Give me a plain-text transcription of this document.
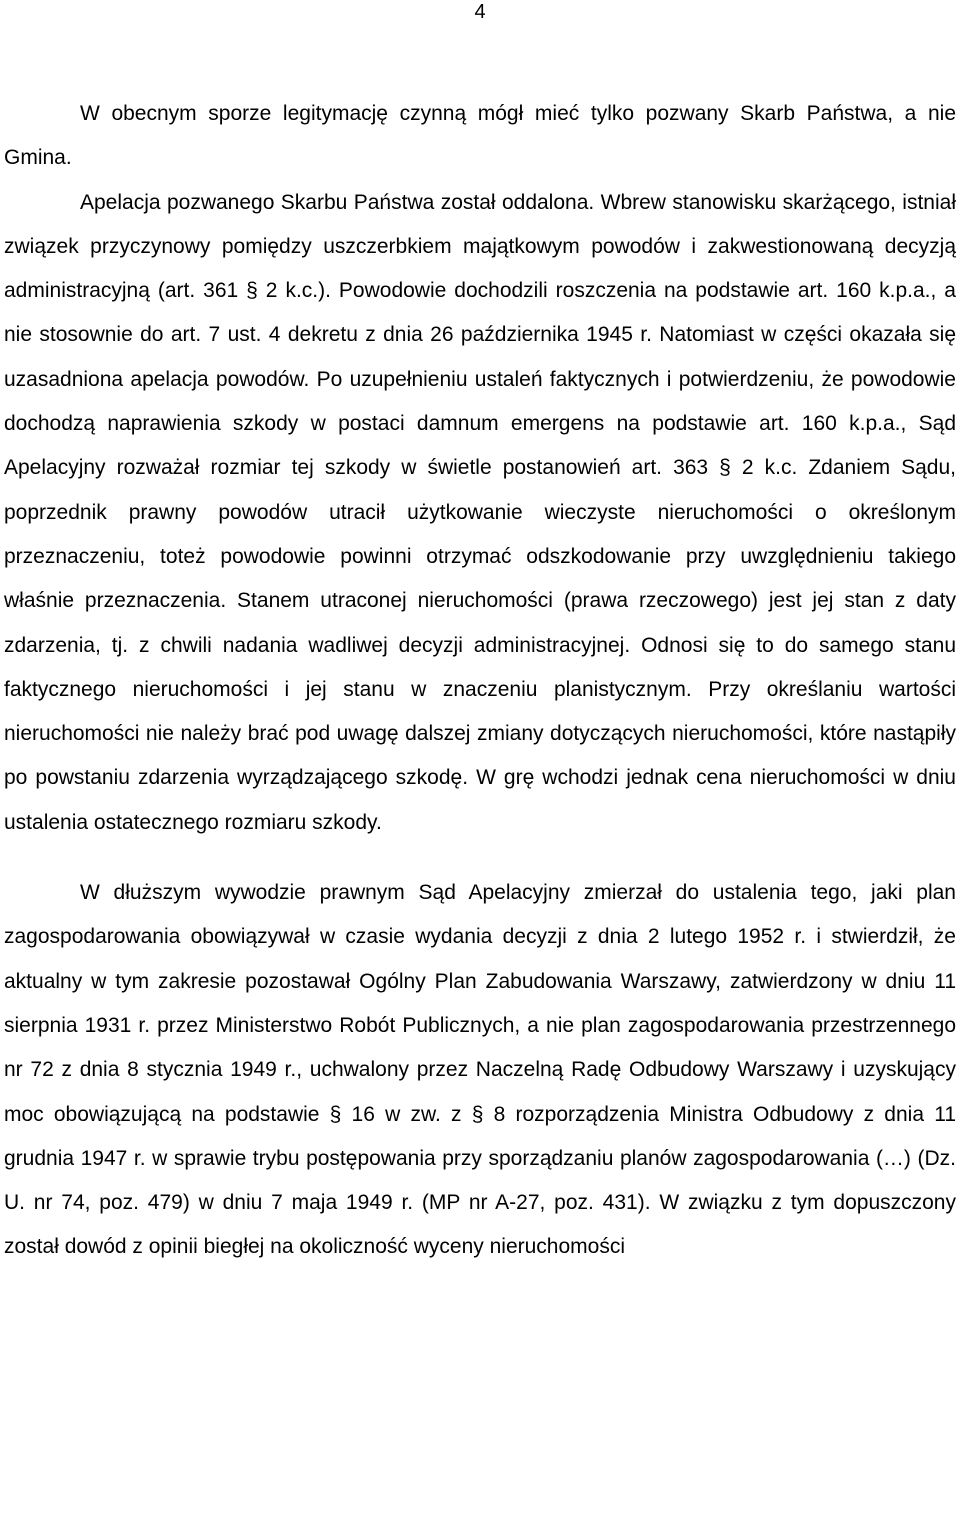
4

W obecnym sporze legitymację czynną mógł mieć tylko pozwany Skarb Państwa, a nie Gmina.

Apelacja pozwanego Skarbu Państwa został oddalona. Wbrew stanowisku skarżącego, istniał związek przyczynowy pomiędzy uszczerbkiem majątkowym powodów i zakwestionowaną decyzją administracyjną (art. 361 § 2 k.c.). Powodowie dochodzili roszczenia na podstawie art. 160 k.p.a., a nie stosownie do art. 7 ust. 4 dekretu z dnia 26 października 1945 r. Natomiast w części okazała się uzasadniona apelacja powodów. Po uzupełnieniu ustaleń faktycznych i potwierdzeniu, że powodowie dochodzą naprawienia szkody w postaci damnum emergens na podstawie art. 160 k.p.a., Sąd Apelacyjny rozważał rozmiar tej szkody w świetle postanowień art. 363 § 2 k.c. Zdaniem Sądu, poprzednik prawny powodów utracił użytkowanie wieczyste nieruchomości o określonym przeznaczeniu, toteż powodowie powinni otrzymać odszkodowanie przy uwzględnieniu takiego właśnie przeznaczenia. Stanem utraconej nieruchomości (prawa rzeczowego) jest jej stan z daty zdarzenia, tj. z chwili nadania wadliwej decyzji administracyjnej. Odnosi się to do samego stanu faktycznego nieruchomości i jej stanu w znaczeniu planistycznym. Przy określaniu wartości nieruchomości nie należy brać pod uwagę dalszej zmiany dotyczących nieruchomości, które nastąpiły po powstaniu zdarzenia wyrządzającego szkodę. W grę wchodzi jednak cena nieruchomości w dniu ustalenia ostatecznego rozmiaru szkody.

W dłuższym wywodzie prawnym Sąd Apelacyjny zmierzał do ustalenia tego, jaki plan zagospodarowania obowiązywał w czasie wydania decyzji z dnia 2 lutego 1952 r. i stwierdził, że aktualny w tym zakresie pozostawał Ogólny Plan Zabudowania Warszawy, zatwierdzony w dniu 11 sierpnia 1931 r. przez Ministerstwo Robót Publicznych, a nie plan zagospodarowania przestrzennego nr 72 z dnia 8 stycznia 1949 r., uchwalony przez Naczelną Radę Odbudowy Warszawy i uzyskujący moc obowiązującą na podstawie § 16 w zw. z § 8 rozporządzenia Ministra Odbudowy z dnia 11 grudnia 1947 r. w sprawie trybu postępowania przy sporządzaniu planów zagospodarowania (…) (Dz. U. nr 74, poz. 479) w dniu 7 maja 1949 r. (MP nr A-27, poz. 431). W związku z tym dopuszczony został dowód z opinii biegłej na okoliczność wyceny nieruchomości
